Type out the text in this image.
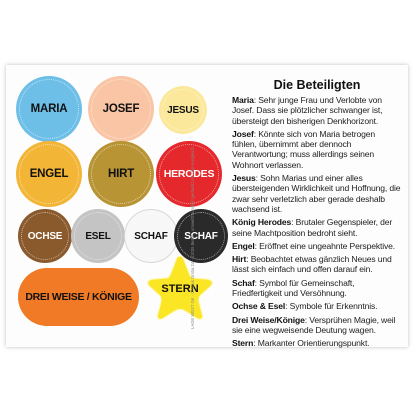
MARIA	JOSEF	JESUS
ENGEL	HIRT	HERODES
OCHSE	ESEL	SCHAF	SCHAF
DREI WEISE / KÖNIGE
STERN
LAGE WEST GK · Chorus Grotia 24 · 12035 Berlin · umweltfreundlich gedruckt mit Öko-Ausgleich
Die Beteiligten

Maria: Sehr junge Frau und Verlobte von Josef. Dass sie plötzlicher schwanger ist, übersteigt den bisherigen Denkhorizont.

Josef: Könnte sich von Maria betrogen fühlen, übernimmt aber dennoch Verantwortung; muss allerdings seinen Wohnort verlassen.

Jesus: Sohn Marias und einer alles übersteigenden Wirklichkeit und Hoffnung, die zwar sehr verletzlich aber gerade deshalb wachsend ist.

König Herodes: Brutaler Gegenspieler, der seine Machtposition bedroht sieht.

Engel: Eröffnet eine ungeahnte Perspektive.

Hirt: Beobachtet etwas gänzlich Neues und lässt sich einfach und offen darauf ein.

Schaf: Symbol für Gemeinschaft, Friedfertigkeit und Versöhnung.

Ochse & Esel: Symbole für Erkenntnis.

Drei Weise/Könige: Versprühen Magie, weil sie eine wegweisende Deutung wagen.

Stern: Markanter Orientierungspunkt.
